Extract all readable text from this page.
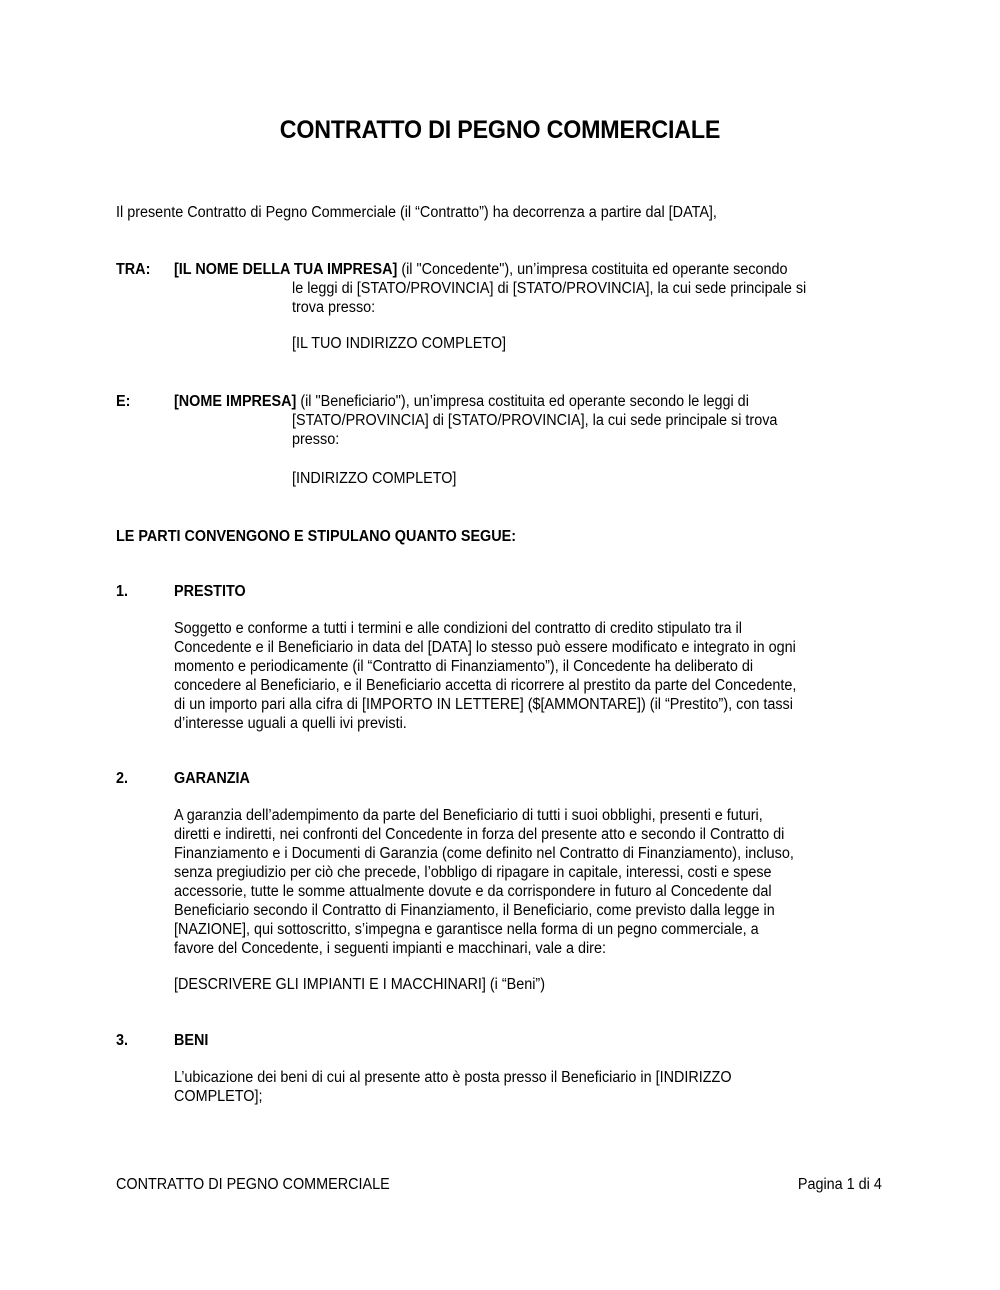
CONTRATTO DI PEGNO COMMERCIALE
Il presente Contratto di Pegno Commerciale (il “Contratto”) ha decorrenza a partire dal [DATA],
TRA: [IL NOME DELLA TUA IMPRESA] (il "Concedente"), un’impresa costituita ed operante secondo
le leggi di [STATO/PROVINCIA] di [STATO/PROVINCIA], la cui sede principale si
trova presso:
[IL TUO INDIRIZZO COMPLETO]
E:	[NOME IMPRESA] (il "Beneficiario"), un’impresa costituita ed operante secondo le leggi di
[STATO/PROVINCIA] di [STATO/PROVINCIA], la cui sede principale si trova
presso:
[INDIRIZZO COMPLETO]
LE PARTI CONVENGONO E STIPULANO QUANTO SEGUE:
1.	PRESTITO
Soggetto e conforme a tutti i termini e alle condizioni del contratto di credito stipulato tra il
Concedente e il Beneficiario in data del [DATA] lo stesso può essere modificato e integrato in ogni
momento e periodicamente (il “Contratto di Finanziamento”), il Concedente ha deliberato di
concedere al Beneficiario, e il Beneficiario accetta di ricorrere al prestito da parte del Concedente,
di un importo pari alla cifra di [IMPORTO IN LETTERE] ($[AMMONTARE]) (il “Prestito”), con tassi
d’interesse uguali a quelli ivi previsti.
2.	GARANZIA
A garanzia dell’adempimento da parte del Beneficiario di tutti i suoi obblighi, presenti e futuri,
diretti e indiretti, nei confronti del Concedente in forza del presente atto e secondo il Contratto di
Finanziamento e i Documenti di Garanzia (come definito nel Contratto di Finanziamento), incluso,
senza pregiudizio per ciò che precede, l’obbligo di ripagare in capitale, interessi, costi e spese
accessorie, tutte le somme attualmente dovute e da corrispondere in futuro al Concedente dal
Beneficiario secondo il Contratto di Finanziamento, il Beneficiario, come previsto dalla legge in
[NAZIONE], qui sottoscritto, s’impegna e garantisce nella forma di un pegno commerciale, a
favore del Concedente, i seguenti impianti e macchinari, vale a dire:
[DESCRIVERE GLI IMPIANTI E I MACCHINARI] (i “Beni”)
3.	BENI
L’ubicazione dei beni di cui al presente atto è posta presso il Beneficiario in [INDIRIZZO
COMPLETO];
CONTRATTO DI PEGNO COMMERCIALE	Pagina 1 di 4
